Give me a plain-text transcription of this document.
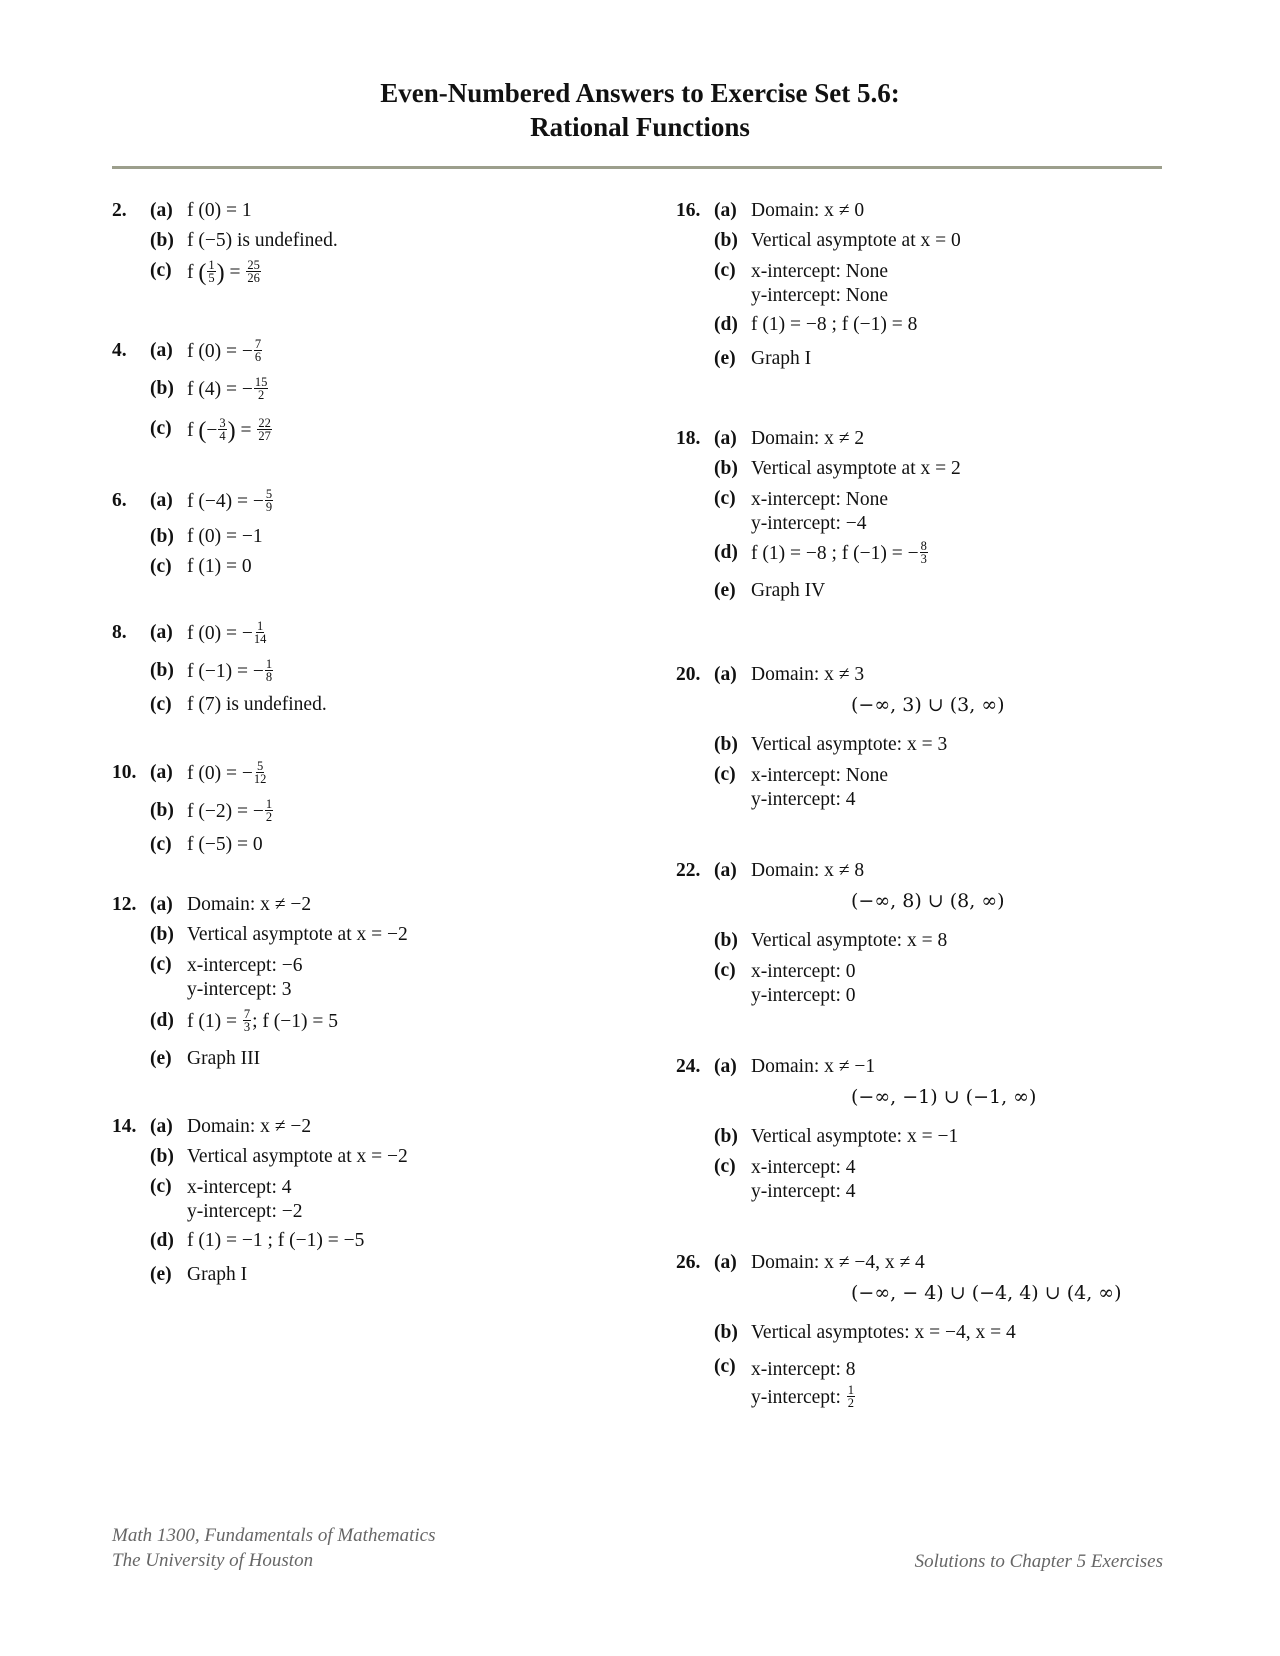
Even-Numbered Answers to Exercise Set 5.6:
Rational Functions
2. (a) f (0) = 1
(b) f (−5) is undefined.
(c) f ( $\frac{1}{5}$ ) = $\frac{25}{26}$
4. (a) f (0) = − $\frac{7}{6}$
(b) f (4) = − $\frac{15}{2}$
(c) f (− $\frac{3}{4}$ ) = $\frac{22}{27}$
6. (a) f (−4) = − $\frac{5}{9}$
(b) f (0) = −1
(c) f (1) = 0
8. (a) f (0) = − $\frac{1}{14}$
(b) f (−1) = − $\frac{1}{8}$
(c) f (7) is undefined.
10. (a) f (0) = − $\frac{5}{12}$
(b) f (−2) = − $\frac{1}{2}$
(c) f (−5) = 0
12. (a) Domain: x ≠ −2
(b) Vertical asymptote at x = −2
(c) x-intercept: −6
y-intercept: 3
(d) f $(1) = \frac{7}{3}$ ; f (−1) = 5
(e) Graph III
14. (a) Domain: x ≠ −2
(b) Vertical asymptote at x = −2
(c) x-intercept: 4
y-intercept: −2
(d) f (1) = −1 ; f (−1) = −5
(e) Graph I
16. (a) Domain: x ≠ 0
(b) Vertical asymptote at x = 0
(c) x-intercept: None
y-intercept: None
(d) f (1) = −8 ; f (−1) = 8
(e) Graph I
18. (a) Domain: x ≠ 2
(b) Vertical asymptote at x = 2
(c) x-intercept: None
y-intercept: −4
(d) f (1) = −8 ; f (−1) = − $\frac{8}{3}$
(e) Graph IV
20. (a) Domain: x ≠ 3
(−∞, 3) ∪ (3, ∞)
(b) Vertical asymptote: x = 3
(c) x-intercept: None
y-intercept: 4
22. (a) Domain: x ≠ 8
(−∞, 8) ∪ (8, ∞)
(b) Vertical asymptote: x = 8
(c) x-intercept: 0
y-intercept: 0
24. (a) Domain: x ≠ −1
(−∞, −1) ∪ (−1, ∞)
(b) Vertical asymptote: x = −1
(c) x-intercept: 4
y-intercept: 4
26. (a) Domain: x ≠ −4, x ≠ 4
(−∞, − 4) ∪ (−4, 4) ∪ (4, ∞)
(b) Vertical asymptotes: x = −4, x = 4
(c) x-intercept: 8
y-intercept: $\frac{1}{2}$
Math 1300, Fundamentals of Mathematics
The University of Houston	Solutions to Chapter 5 Exercises
